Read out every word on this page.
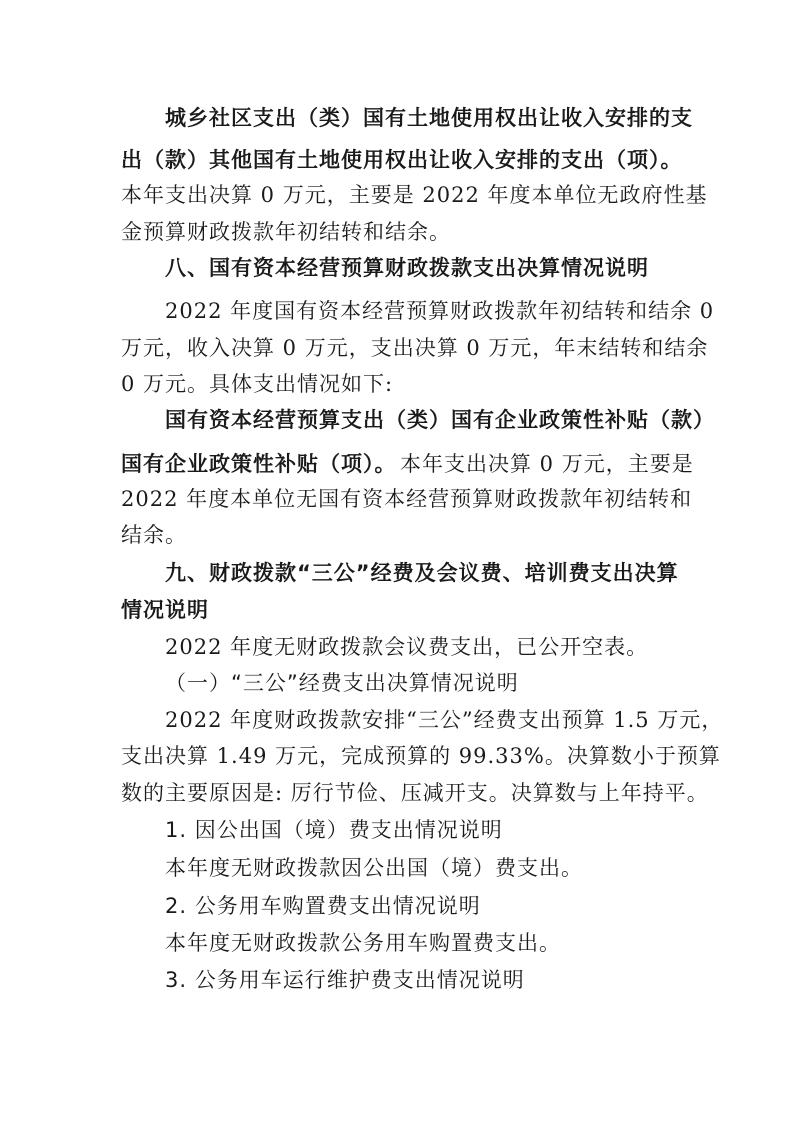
城乡社区支出（类）国有土地使用权出让收入安排的支
出（款）其他国有土地使用权出让收入安排的支出（项）。
本年支出决算 0 万元，主要是 2022 年度本单位无政府性基
金预算财政拨款年初结转和结余。
八、国有资本经营预算财政拨款支出决算情况说明
2022 年度国有资本经营预算财政拨款年初结转和结余 0
万元，收入决算 0 万元，支出决算 0 万元，年末结转和结余
0 万元。具体支出情况如下:
国有资本经营预算支出（类）国有企业政策性补贴（款）
国有企业政策性补贴（项）。 本年支出决算 0 万元，主要是
2022 年度本单位无国有资本经营预算财政拨款年初结转和
结余。
九、财政拨款“三公”经费及会议费、培训费支出决算
情况说明
2022 年度无财政拨款会议费支出，已公开空表。
（一）“三公”经费支出决算情况说明
2022 年度财政拨款安排“三公”经费支出预算 1.5 万元，
支出决算 1.49 万元，完成预算的 99.33%。决算数小于预算
数的主要原因是: 厉行节俭、压减开支。决算数与上年持平。
1. 因公出国（境）费支出情况说明
本年度无财政拨款因公出国（境）费支出。
2. 公务用车购置费支出情况说明
本年度无财政拨款公务用车购置费支出。
3. 公务用车运行维护费支出情况说明
